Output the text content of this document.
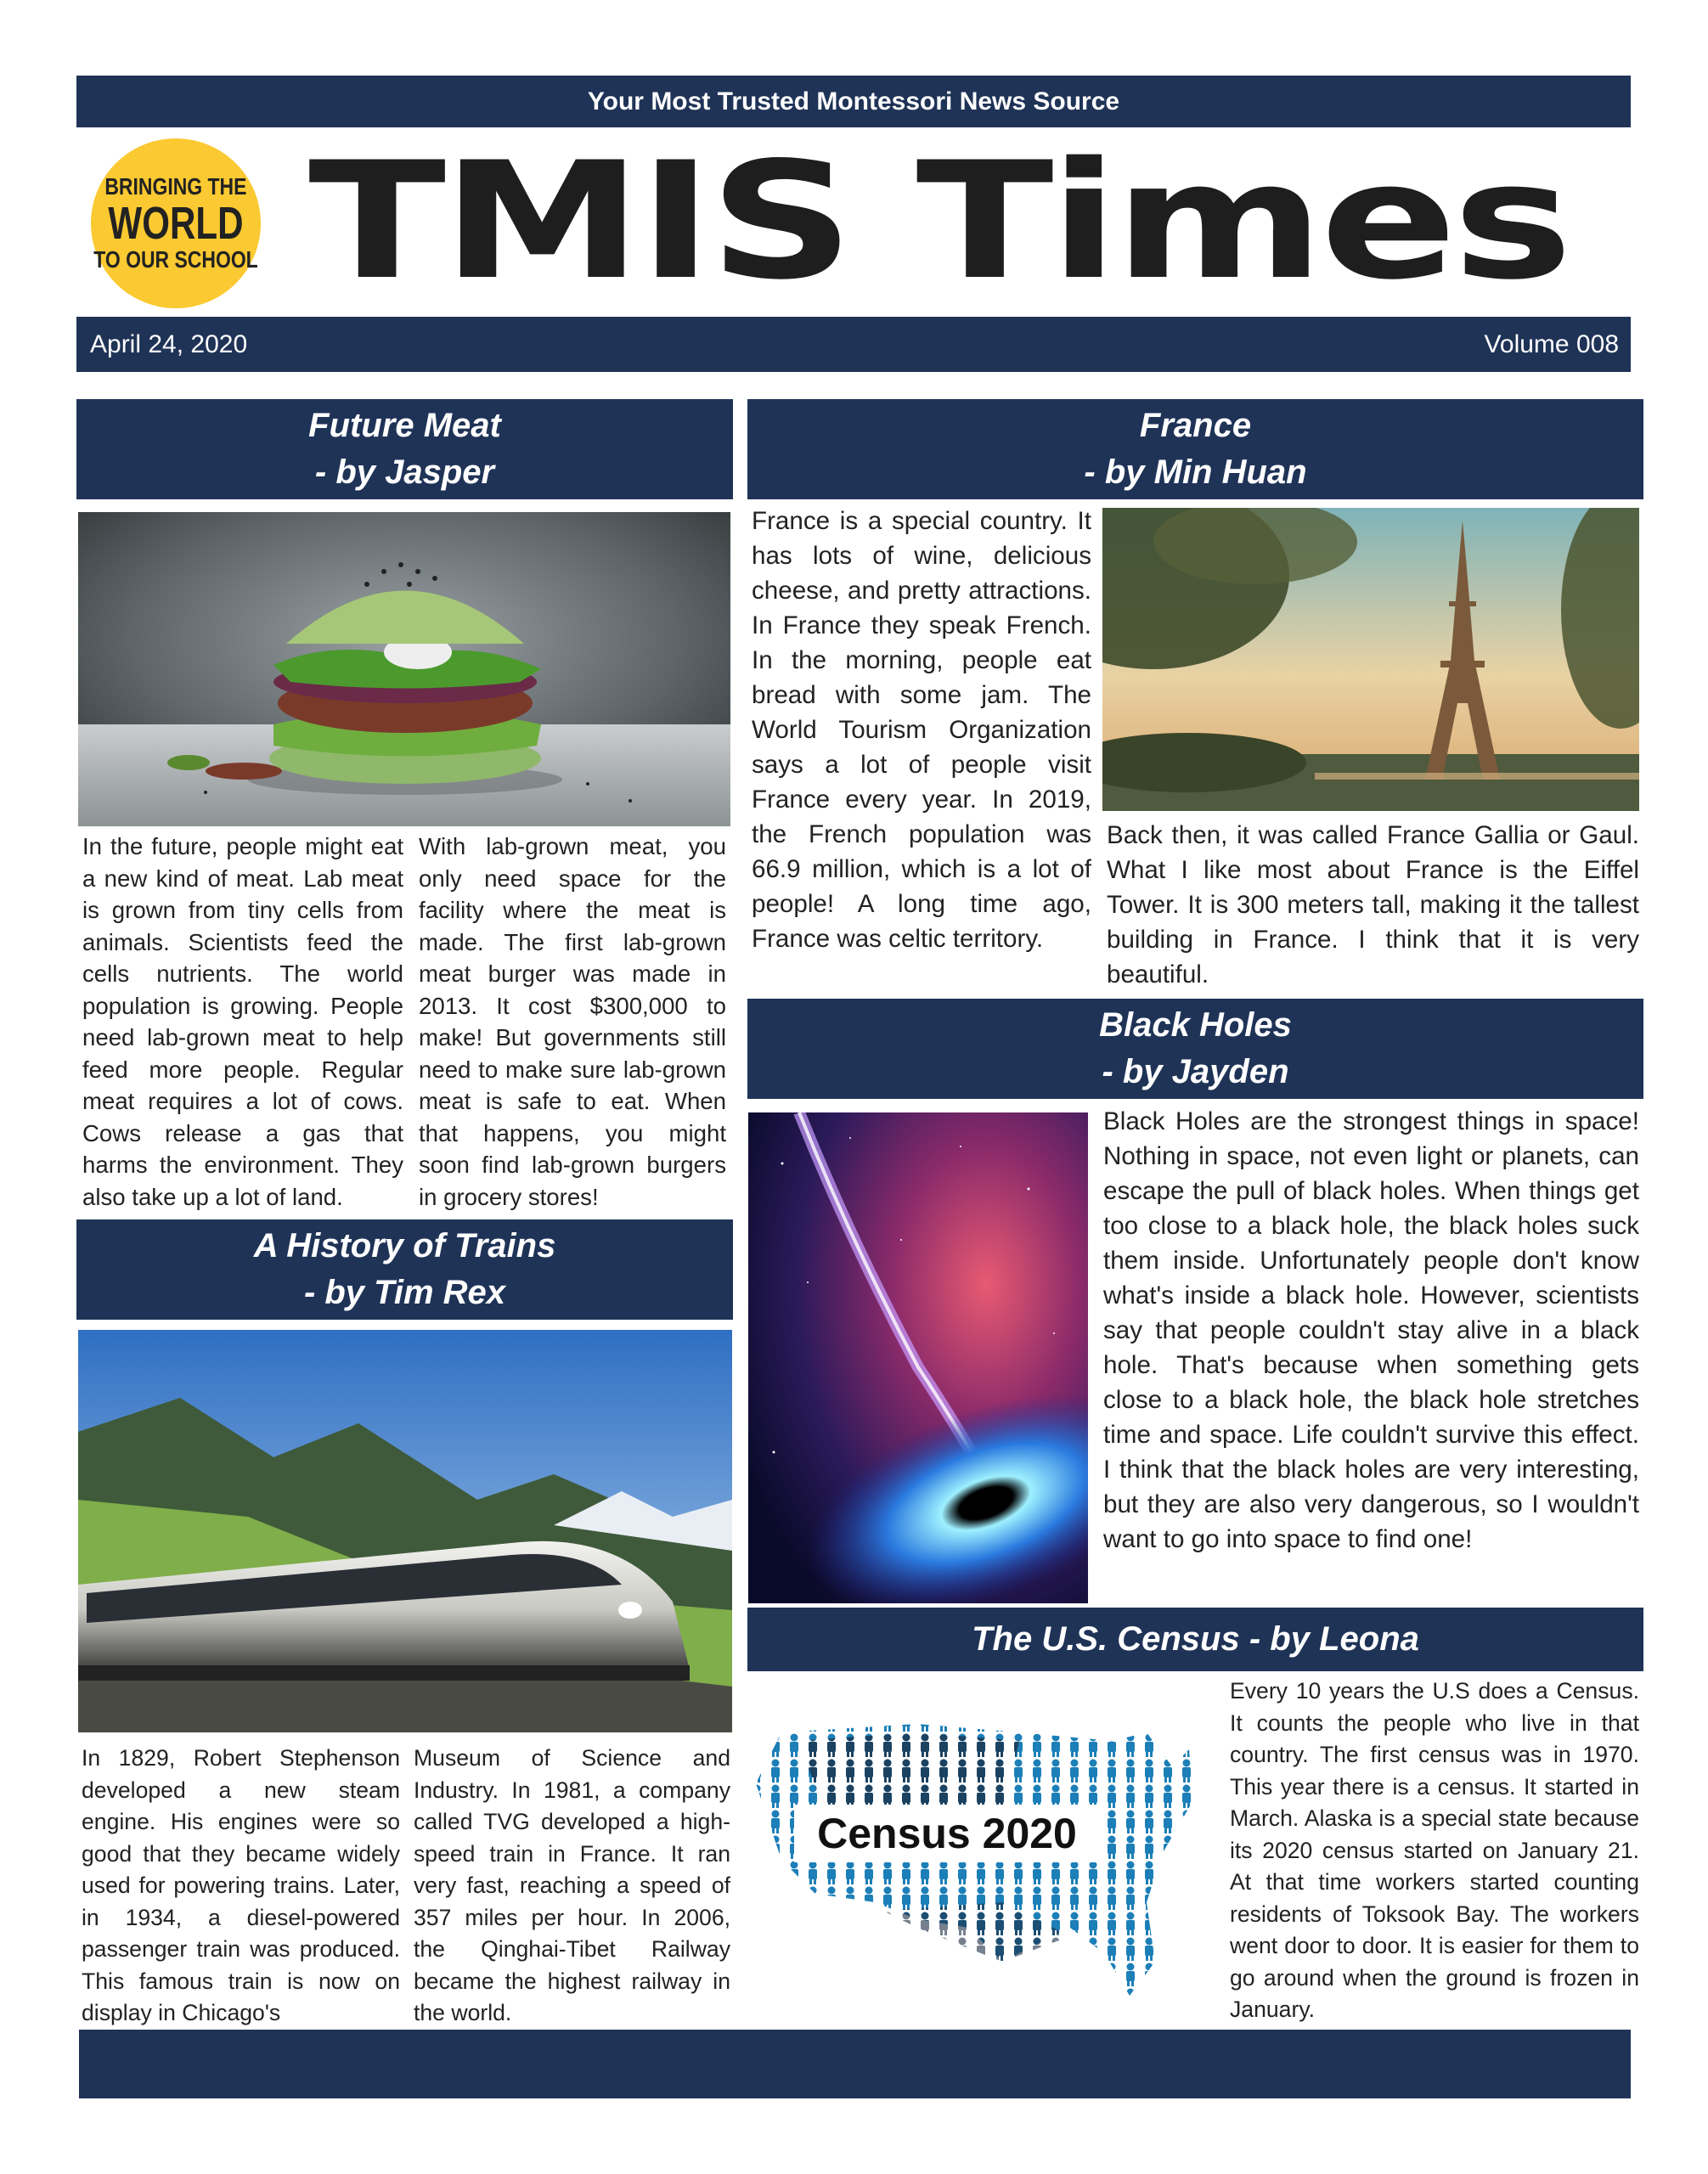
Your Most Trusted Montessori News Source
BRINGING THE
WORLD
TO OUR SCHOOL TMIS Times
April 24, 2020	Volume 008
Future Meat
- by Jasper
In the future, people might eat a new kind of meat. Lab meat is grown from tiny cells from animals. Scientists feed the cells nutrients. The world population is growing. People need lab-grown meat to help feed more people. Regular meat requires a lot of cows. Cows release a gas that harms the environment. They also take up a lot of land.
With lab-grown meat, you only need space for the facility where the meat is made. The first lab-grown meat burger was made in 2013. It cost $300,000 to make! But governments still need to make sure lab-grown meat is safe to eat. When that happens, you might soon find lab-grown burgers in grocery stores!
France
- by Min Huan
France is a special country. It has lots of wine, delicious cheese, and pretty attractions. In France they speak French. In the morning, people eat bread with some jam. The World Tourism Organization says a lot of people visit France every year. In 2019, the French population was 66.9 million, which is a lot of people! A long time ago, France was celtic territory.
Back then, it was called France Gallia or Gaul. What I like most about France is the Eiffel Tower. It is 300 meters tall, making it the tallest building in France. I think that it is very beautiful.
Black Holes
- by Jayden
Black Holes are the strongest things in space! Nothing in space, not even light or planets, can escape the pull of black holes. When things get too close to a black hole, the black holes suck them inside. Unfortunately people don't know what's inside a black hole. However, scientists say that people couldn't stay alive in a black hole. That's because when something gets close to a black hole, the black hole stretches time and space. Life couldn't survive this effect. I think that the black holes are very interesting, but they are also very dangerous, so I wouldn't want to go into space to find one!
A History of Trains
- by Tim Rex
In 1829, Robert Stephenson developed a new steam engine. His engines were so good that they became widely used for powering trains. Later, in 1934, a diesel-powered passenger train was produced. This famous train is now on display in Chicago's
Museum of Science and Industry. In 1981, a company called TVG developed a high-speed train in France. It ran very fast, reaching a speed of 357 miles per hour. In 2006, the Qinghai-Tibet Railway became the highest railway in the world.
The U.S. Census - by Leona
Census 2020
Every 10 years the U.S does a Census. It counts the people who live in that country. The first census was in 1970. This year there is a census. It started in March. Alaska is a special state because its 2020 census started on January 21. At that time workers started counting residents of Toksook Bay. The workers went door to door. It is easier for them to go around when the ground is frozen in January.
